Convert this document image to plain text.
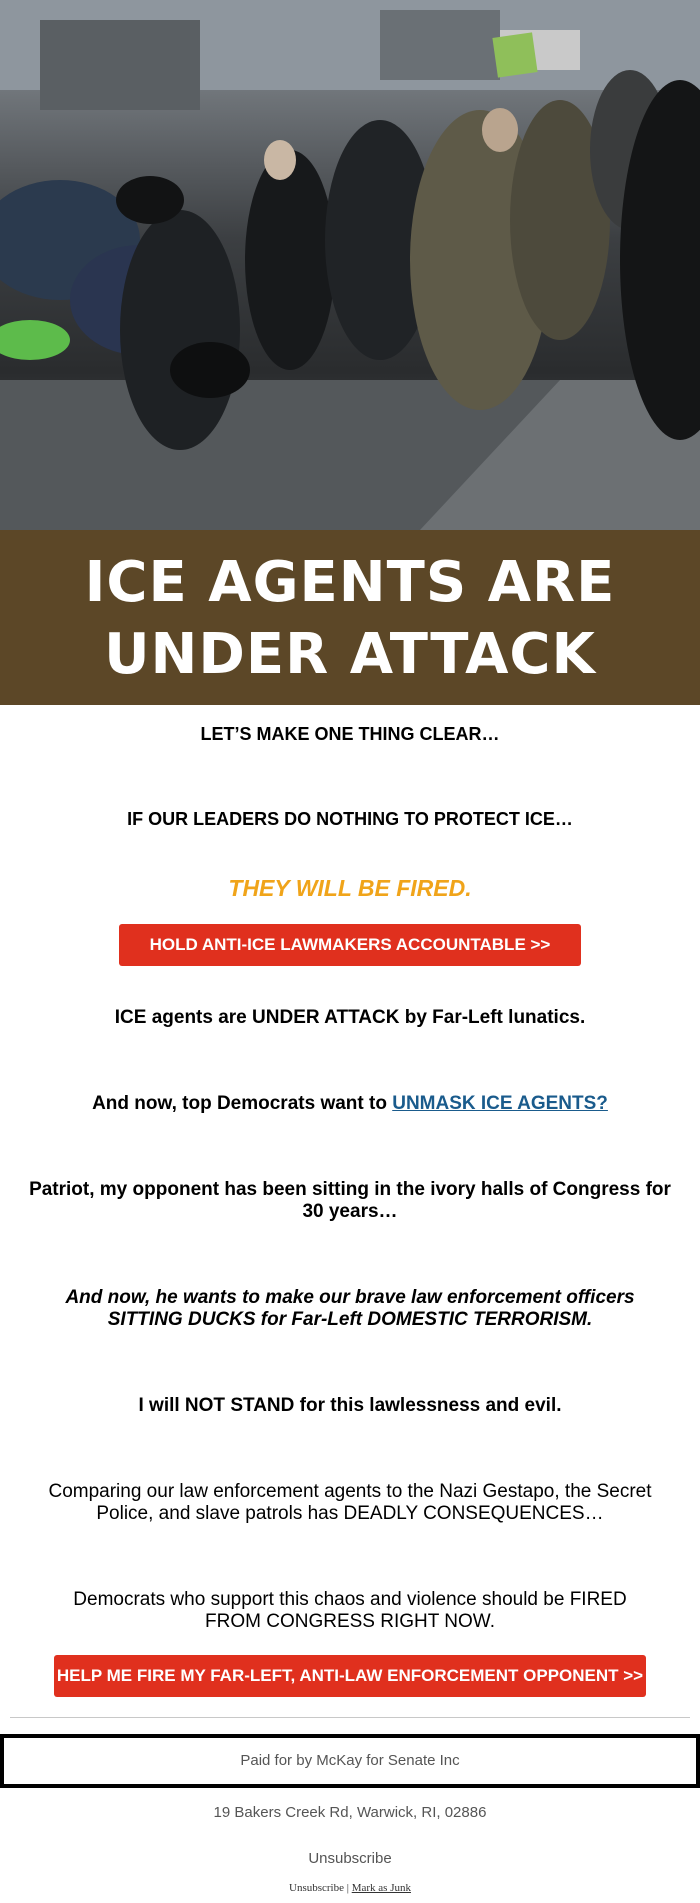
ICE AGENTS ARE
UNDER ATTACK
LET’S MAKE ONE THING CLEAR…
IF OUR LEADERS DO NOTHING TO PROTECT ICE…
THEY WILL BE FIRED.
HOLD ANTI-ICE LAWMAKERS ACCOUNTABLE >>
ICE agents are UNDER ATTACK by Far-Left lunatics.
And now, top Democrats want to UNMASK ICE AGENTS?
Patriot, my opponent has been sitting in the ivory halls of Congress for 30 years…
And now, he wants to make our brave law enforcement officers SITTING DUCKS for Far-Left DOMESTIC TERRORISM.
I will NOT STAND for this lawlessness and evil.
Comparing our law enforcement agents to the Nazi Gestapo, the Secret Police, and slave patrols has DEADLY CONSEQUENCES…
Democrats who support this chaos and violence should be FIRED FROM CONGRESS RIGHT NOW.
HELP ME FIRE MY FAR-LEFT, ANTI-LAW ENFORCEMENT OPPONENT >>
Paid for by McKay for Senate Inc
19 Bakers Creek Rd, Warwick, RI, 02886
Unsubscribe
Unsubscribe | Mark as Junk
